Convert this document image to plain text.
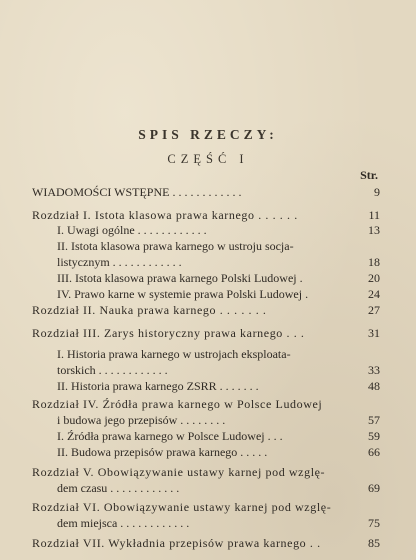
SPIS RZECZY:
CZĘŚĆ I
Str.
WIADOMOŚCI WSTĘPNE . . . . . . . . . . . .	9
Rozdział I. Istota klasowa prawa karnego . . . . . .	11
I. Uwagi ogólne . . . . . . . . . . . .	13
II. Istota klasowa prawa karnego w ustroju socja-
listycznym . . . . . . . . . . . .	18
III. Istota klasowa prawa karnego Polski Ludowej .	20
IV. Prawo karne w systemie prawa Polski Ludowej .	24
Rozdział II. Nauka prawa karnego . . . . . . .	27
Rozdział III. Zarys historyczny prawa karnego . . .	31
I. Historia prawa karnego w ustrojach eksploata-
torskich . . . . . . . . . . . .	33
II. Historia prawa karnego ZSRR . . . . . . .	48
Rozdział IV. Źródła prawa karnego w Polsce Ludowej
i budowa jego przepisów . . . . . . . .	57
I. Źródła prawa karnego w Polsce Ludowej . . .	59
II. Budowa przepisów prawa karnego . . . . .	66
Rozdział V. Obowiązywanie ustawy karnej pod wzglę-
dem czasu . . . . . . . . . . . .	69
Rozdział VI. Obowiązywanie ustawy karnej pod wzglę-
dem miejsca . . . . . . . . . . . .	75
Rozdział VII. Wykładnia przepisów prawa karnego . .	85
